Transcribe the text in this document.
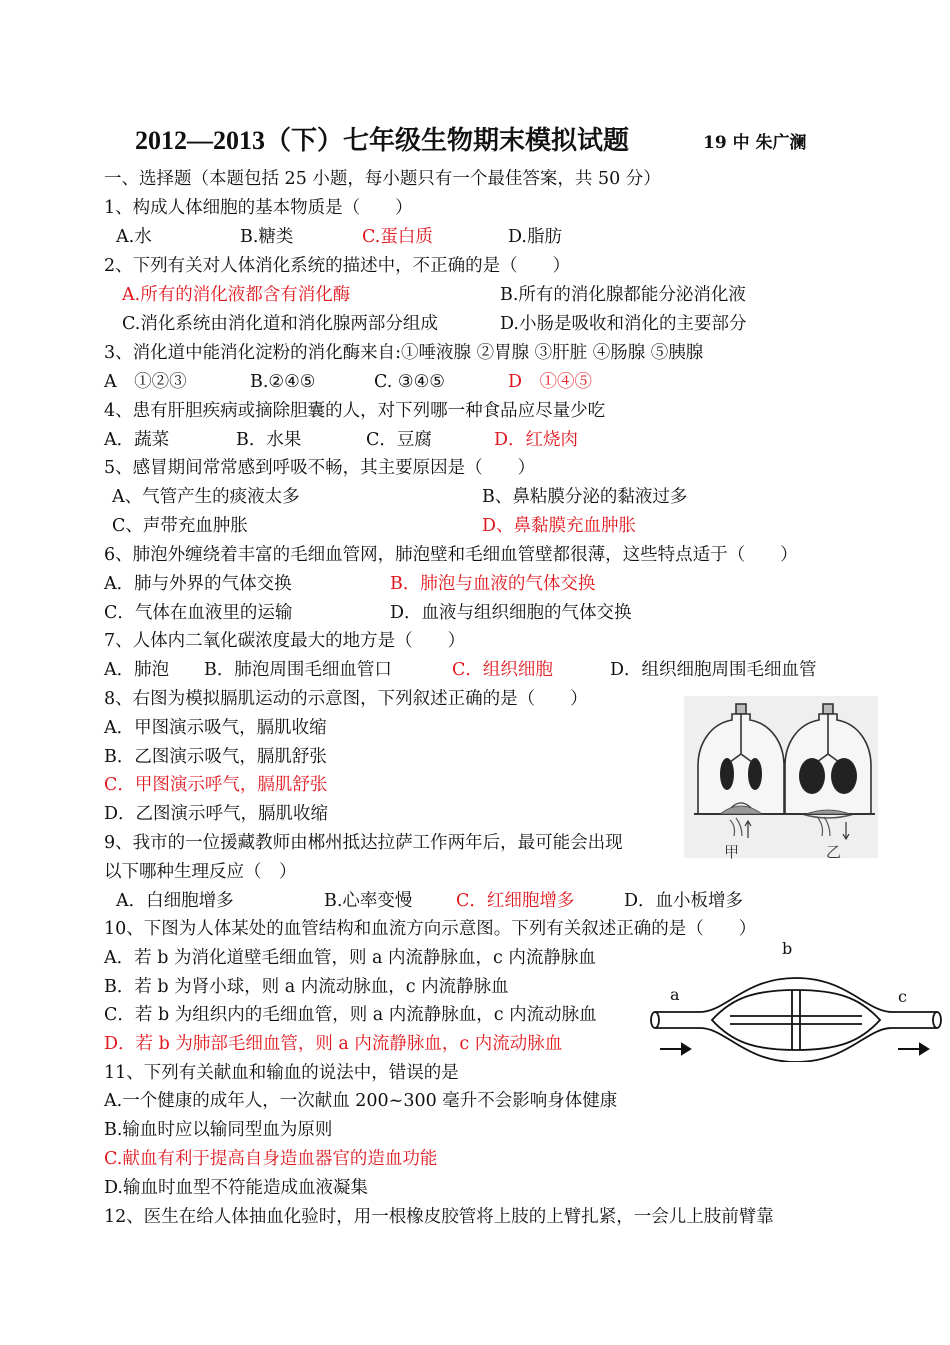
2012—2013（下）七年级生物期末模拟试题	19 中 朱广澜
一、选择题（本题包括 25 小题，每小题只有一个最佳答案，共 50 分）
1、构成人体细胞的基本物质是（　　）
A.水	B.糖类	C.蛋白质	D.脂肪
2、下列有关对人体消化系统的描述中，不正确的是（　　）
A.所有的消化液都含有消化酶	B.所有的消化腺都能分泌消化液
C.消化系统由消化道和消化腺两部分组成	D.小肠是吸收和消化的主要部分
3、消化道中能消化淀粉的消化酶来自:①唾液腺 ②胃腺 ③肝脏 ④肠腺 ⑤胰腺
A　①②③	B.②④⑤	C. ③④⑤	D　①④⑤
4、患有肝胆疾病或摘除胆囊的人，对下列哪一种食品应尽量少吃
A．蔬菜	B．水果	C．豆腐	D．红烧肉
5、感冒期间常常感到呼吸不畅，其主要原因是（　　）
A、气管产生的痰液太多	B、鼻粘膜分泌的黏液过多
C、声带充血肿胀	D、鼻黏膜充血肿胀
6、肺泡外缠绕着丰富的毛细血管网，肺泡壁和毛细血管壁都很薄，这些特点适于（　　）
A．肺与外界的气体交换	B．肺泡与血液的气体交换
C．气体在血液里的运输	D．血液与组织细胞的气体交换
7、人体内二氧化碳浓度最大的地方是（　　）
A．肺泡 B．肺泡周围毛细血管口	C．组织细胞	D．组织细胞周围毛细血管
8、右图为模拟膈肌运动的示意图，下列叙述正确的是（　　）
A．甲图演示吸气，膈肌收缩
B．乙图演示吸气，膈肌舒张
C．甲图演示呼气，膈肌舒张
D．乙图演示呼气，膈肌收缩
甲	乙
9、我市的一位援藏教师由郴州抵达拉萨工作两年后，最可能会出现
以下哪种生理反应（　）
A．白细胞增多	B.心率变慢 C．红细胞增多	D．血小板增多
10、下图为人体某处的血管结构和血流方向示意图。下列有关叙述正确的是（　　）
A．若 b 为消化道壁毛细血管，则 a 内流静脉血，c 内流静脉血
B．若 b 为肾小球，则 a 内流动脉血，c 内流静脉血
C．若 b 为组织内的毛细血管，则 a 内流静脉血，c 内流动脉血
D．若 b 为肺部毛细血管，则 a 内流静脉血，c 内流动脉血
b
a	c
11、下列有关献血和输血的说法中，错误的是
A.一个健康的成年人，一次献血 200~300 毫升不会影响身体健康
B.输血时应以输同型血为原则
C.献血有利于提高自身造血器官的造血功能
D.输血时血型不符能造成血液凝集
12、医生在给人体抽血化验时，用一根橡皮胶管将上肢的上臂扎紧，一会儿上肢前臂靠
